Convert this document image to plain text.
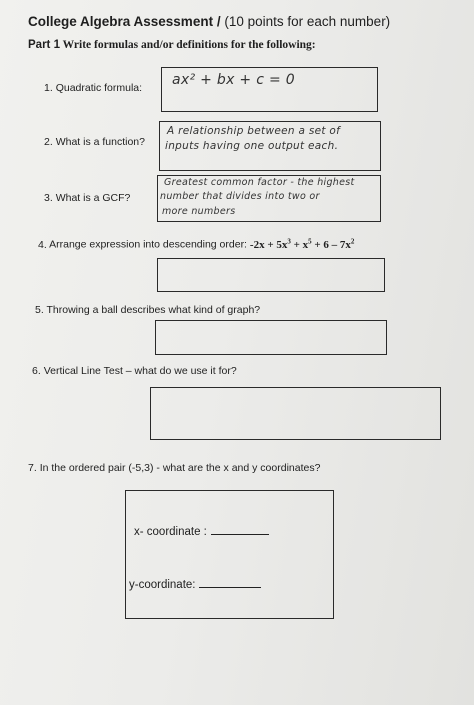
College Algebra Assessment / (10 points for each number)
Part 1 Write formulas and/or definitions for the following:
1. Quadratic formula: ax² + bx + c = 0
2. What is a function?
A relationship between a set of
inputs having one output each.
3. What is a GCF?
Greatest common factor - the highest
number that divides into two or
more numbers
4. Arrange expression into descending order: $-2x + 5x^3 + x^5 + 6 - 7x^2$
5. Throwing a ball describes what kind of graph?
6. Vertical Line Test – what do we use it for?
7. In the ordered pair (-5,3) - what are the x and y coordinates?
x- coordinate :
y-coordinate:
